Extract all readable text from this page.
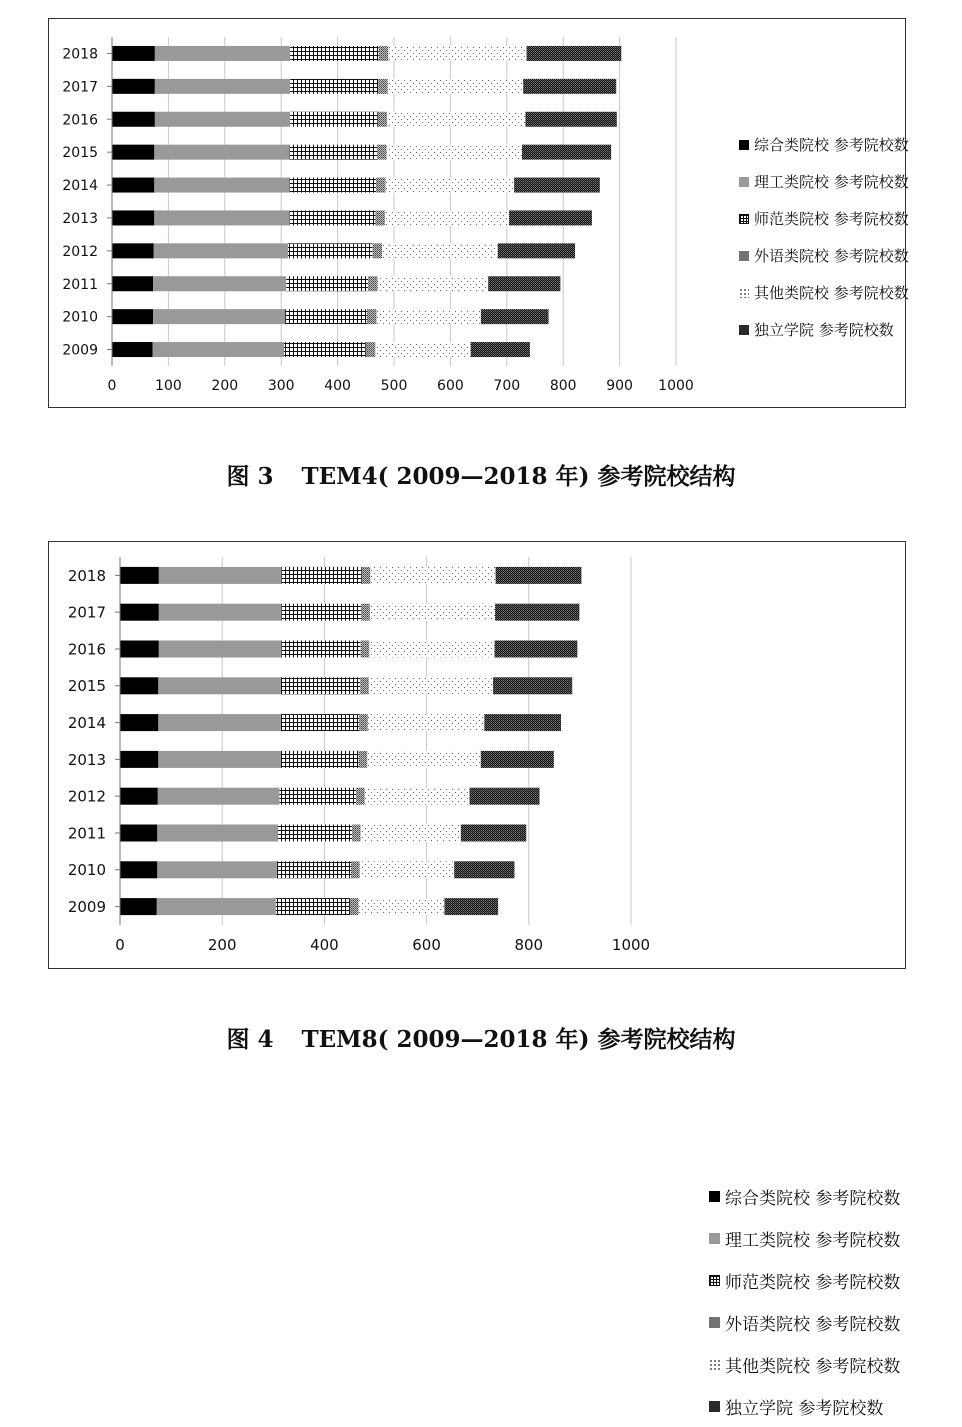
2009
2010
2011
2012
2013
2014
2015
2016
2017
2018
0	100 200 300 400 500 600 700 800 900 1000
综合类院校 参考院校数
理工类院校 参考院校数
师范类院校 参考院校数
外语类院校 参考院校数
其他类院校 参考院校数
独立学院 参考院校数
图 3 TEM4( 2009—2018 年) 参考院校结构
2009
2010
2011
2012
2013
2014
2015
2016
2017
2018
0	200	400	600	800	1000
综合类院校 参考院校数
理工类院校 参考院校数
师范类院校 参考院校数
外语类院校 参考院校数
其他类院校 参考院校数
独立学院 参考院校数
图 4 TEM8( 2009—2018 年) 参考院校结构
